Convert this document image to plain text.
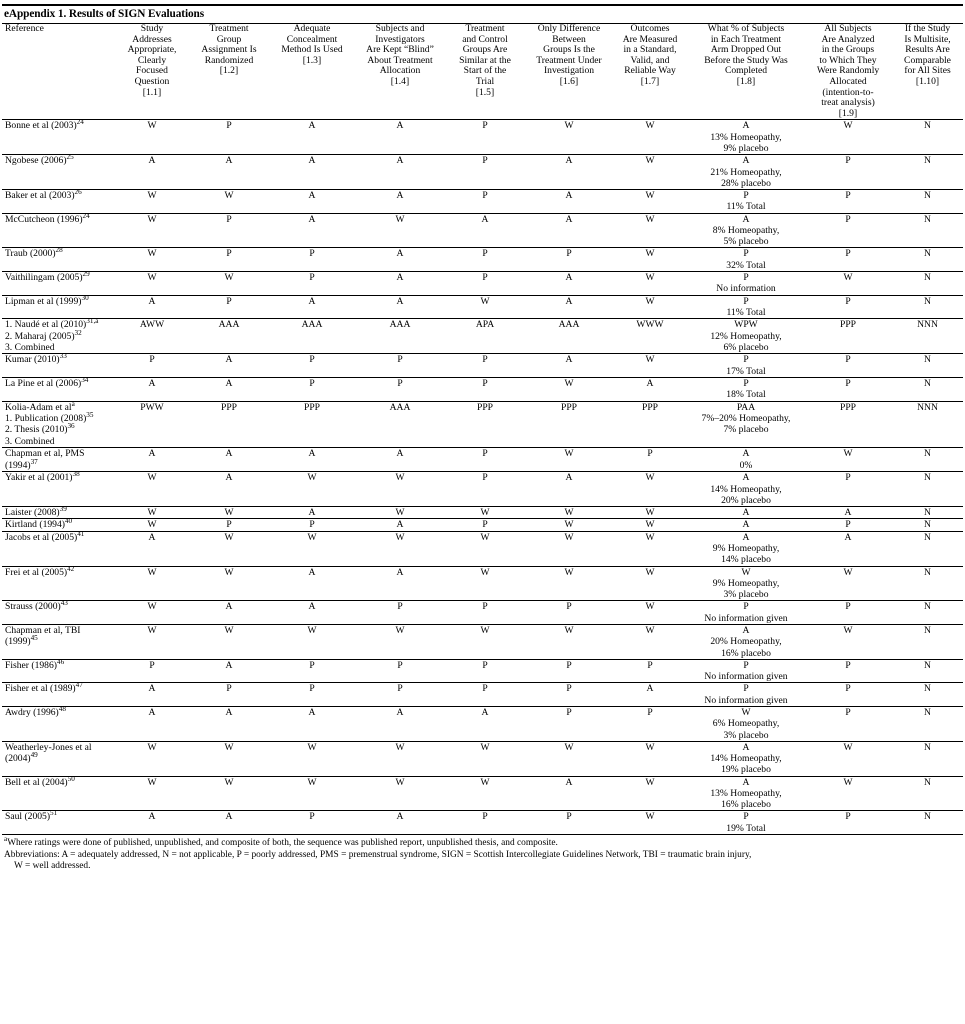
eAppendix 1. Results of SIGN Evaluations
Reference	Study
Addresses
Appropriate,
Clearly
Focused
Question
[1.1]	Treatment
Group
Assignment Is
Randomized
[1.2]	Adequate
Concealment
Method Is Used
[1.3]	Subjects and
Investigators
Are Kept “Blind”
About Treatment
Allocation
[1.4]	Treatment
and Control
Groups Are
Similar at the
Start of the
Trial
[1.5]	Only Difference
Between
Groups Is the
Treatment Under
Investigation
[1.6]	Outcomes
Are Measured
in a Standard,
Valid, and
Reliable Way
[1.7]	What % of Subjects
in Each Treatment
Arm Dropped Out
Before the Study Was
Completed
[1.8]	All Subjects
Are Analyzed
in the Groups
to Which They
Were Randomly
Allocated
(intention-to-
treat analysis)
[1.9]	If the Study
Is Multisite,
Results Are
Comparable
for All Sites
[1.10]
Bonne et al $(2003)^{24}$	W	P	A	A	P	W	W	A
13% Homeopathy,
9% placebo	W	N
Ngobese $(2006)^{25}$	A	A	A	A	P	A	W	A
21% Homeopathy,
28% placebo	P	N
Baker et al $(2003)^{26}$	W	W	A	A	P	A	W	P
11% Total	P	N
McCutcheon $(1996)^{24}$	W	P	A	W	A	A	W	A
8% Homeopathy,
5% placebo	P	N
Traub $(2000)^{28}$	W	P	P	A	P	P	W	P
32% Total	P	N
Vaithilingam $(2005)^{29}$	W	W	P	A	P	A	W	P
No information	W	N
Lipman et al $(1999)^{30}$	A	P	A	A	W	A	W	P
11% Total	P	N
1. Naudé et al $(2010)^{31,a}$
2. Maharaj $(2005)^{32}$
3. Combined	AWW	AAA	AAA	AAA	APA	AAA	WWW	WPW
12% Homeopathy,
6% placebo	PPP	NNN
Kumar $(2010)^{33}$	P	A	P	P	P	A	W	P
17% Total	P	N
La Pine et al $(2006)^{34}$	A	A	P	P	P	W	A	P
18% Total	P	N
Kolia-Adam et $al^a$
1. Publication $(2008)^{35}$
2. Thesis $(2010)^{36}$
3. Combined	PWW	PPP	PPP	AAA	PPP	PPP	PPP	PAA
7%–20% Homeopathy,
7% placebo	PPP	NNN
Chapman et al, PMS
$(1994)^{37}$	A	A	A	A	P	W	P	A
0%	W	N
Yakir et al $(2001)^{38}$	W	A	W	W	P	A	W	A
14% Homeopathy,
20% placebo	P	N
Laister $(2008)^{39}$	W	W	A	W	W	W	W	A	A	N
Kirtland $(1994)^{40}$	W	P	P	A	P	W	W	A	P	N
Jacobs et al $(2005)^{41}$	A	W	W	W	W	W	W	A
9% Homeopathy,
14% placebo	A	N
Frei et al $(2005)^{42}$	W	W	A	A	W	W	W	W
9% Homeopathy,
3% placebo	W	N
Strauss $(2000)^{43}$	W	A	A	P	P	P	W	P
No information given	P	N
Chapman et al, TBI
$(1999)^{45}$	W	W	W	W	W	W	W	A
20% Homeopathy,
16% placebo	W	N
Fisher $(1986)^{46}$	P	A	P	P	P	P	P	P
No information given	P	N
Fisher et al $(1989)^{47}$	A	P	P	P	P	P	A	P
No information given	P	N
Awdry $(1996)^{48}$	A	A	A	A	A	P	P	W
6% Homeopathy,
3% placebo	P	N
Weatherley-Jones et al
$(2004)^{49}$	W	W	W	W	W	W	W	A
14% Homeopathy,
19% placebo	W	N
Bell et al $(2004)^{50}$	W	W	W	W	W	A	W	A
13% Homeopathy,
16% placebo	W	N
Saul $(2005)^{51}$	A	A	P	A	P	P	W	P
19% Total	P	N
$^a$Where ratings were done of published, unpublished, and composite of both, the sequence was published report, unpublished thesis, and composite.
Abbreviations: A = adequately addressed, N = not applicable, P = poorly addressed, PMS = premenstrual syndrome, SIGN = Scottish Intercollegiate Guidelines Network, TBI = traumatic brain injury,
W = well addressed.
